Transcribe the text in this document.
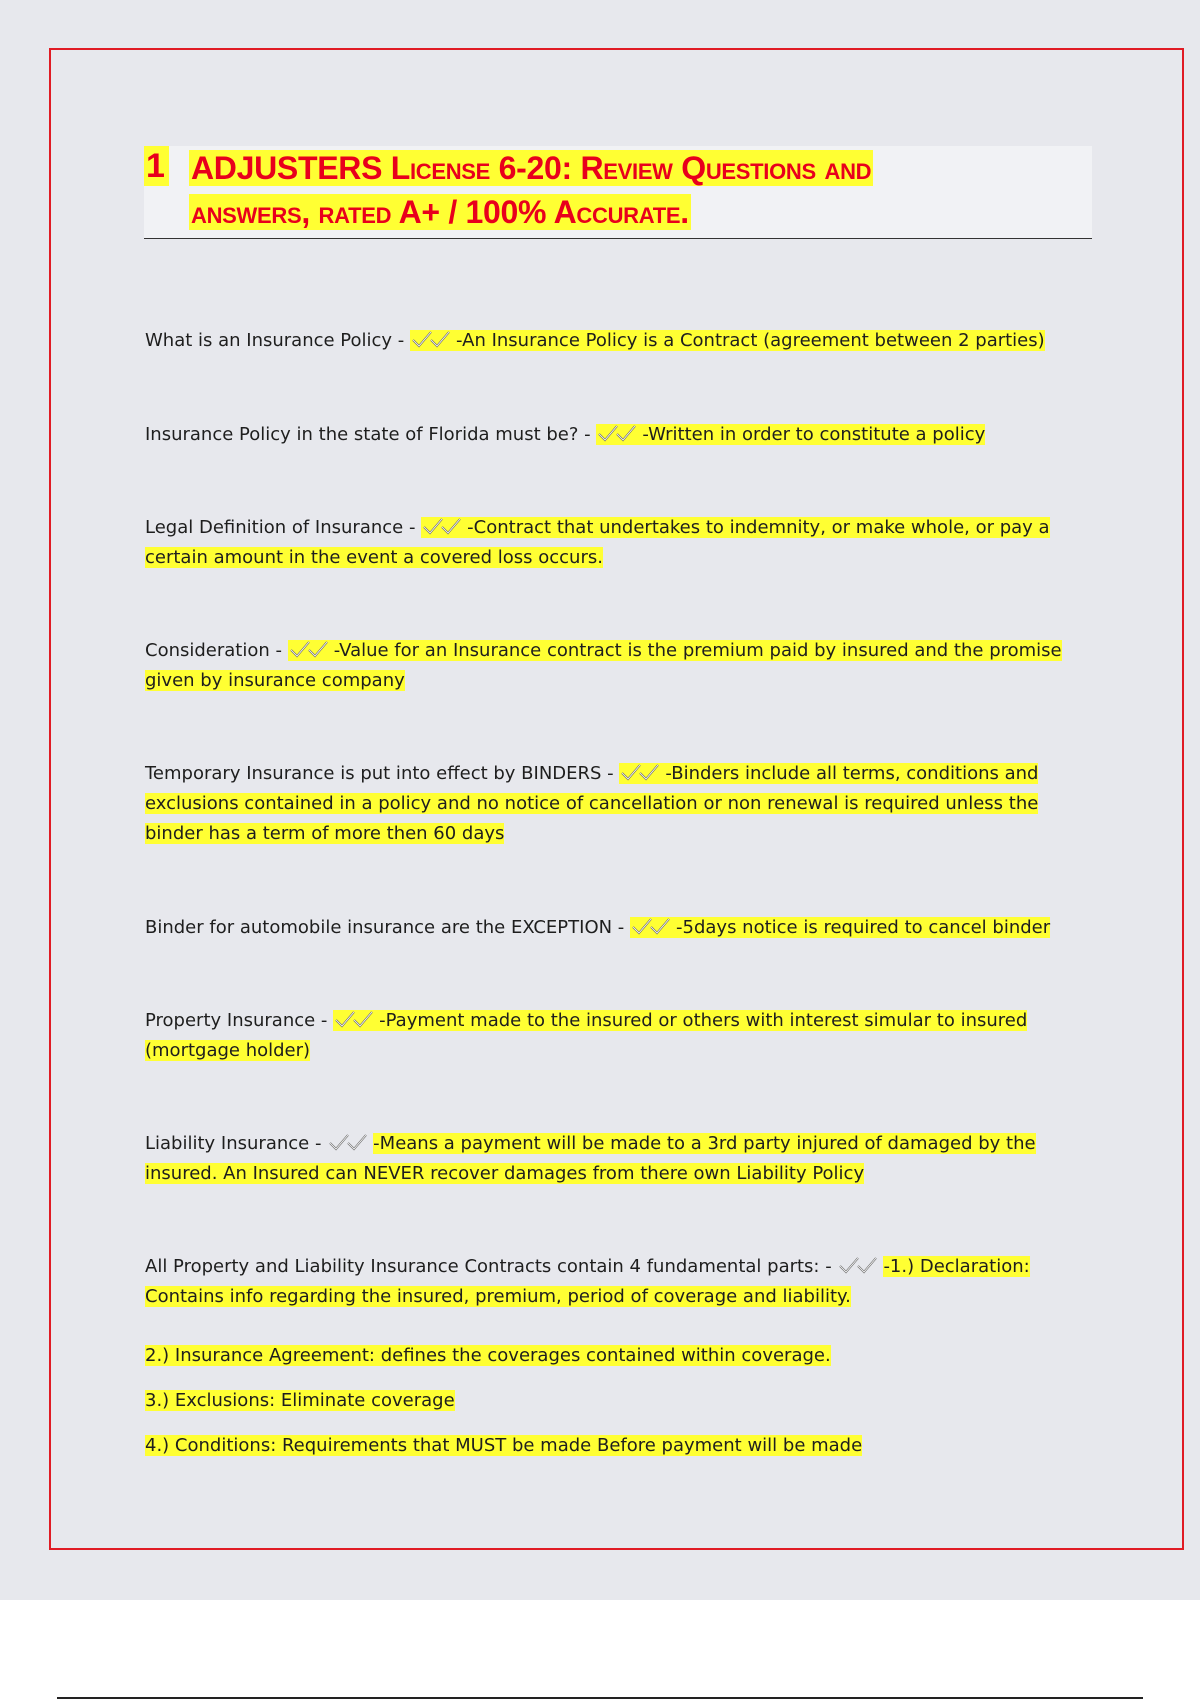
1 ADJUSTERS License 6-20: Review Questions and
answers, rated A+ / 100% Accurate.
What is an Insurance Policy -	-An Insurance Policy is a Contract (agreement between 2 parties)
Insurance Policy in the state of Florida must be? -	-Written in order to constitute a policy
Legal Definition of Insurance -	-Contract that undertakes to indemnity, or make whole, or pay a certain amount in the event a covered loss occurs.
Consideration -	-Value for an Insurance contract is the premium paid by insured and the promise given by insurance company
Temporary Insurance is put into effect by BINDERS -	-Binders include all terms, conditions and exclusions contained in a policy and no notice of cancellation or non renewal is required unless the binder has a term of more then 60 days
Binder for automobile insurance are the EXCEPTION -	-5days notice is required to cancel binder
Property Insurance -	-Payment made to the insured or others with interest simular to insured (mortgage holder)
Liability Insurance -	-Means a payment will be made to a 3rd party injured of damaged by the insured. An Insured can NEVER recover damages from there own Liability Policy
All Property and Liability Insurance Contracts contain 4 fundamental parts: -	-1.) Declaration: Contains info regarding the insured, premium, period of coverage and liability.
2.) Insurance Agreement: defines the coverages contained within coverage.
3.) Exclusions: Eliminate coverage
4.) Conditions: Requirements that MUST be made Before payment will be made
